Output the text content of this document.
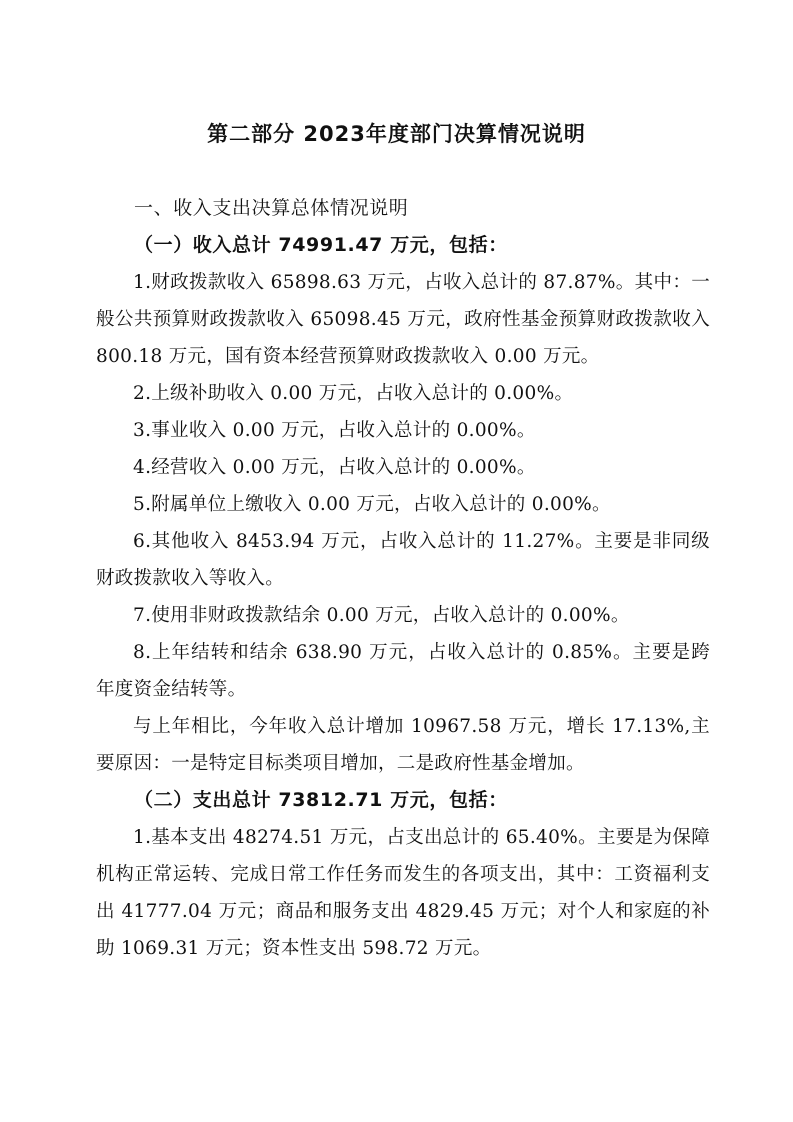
第二部分 2023年度部门决算情况说明

一、收入支出决算总体情况说明

（一）收入总计 74991.47 万元，包括：

1.财政拨款收入 65898.63 万元，占收入总计的 87.87%。其中：一般公共预算财政拨款收入 65098.45 万元，政府性基金预算财政拨款收入 800.18 万元，国有资本经营预算财政拨款收入 0.00 万元。

2.上级补助收入 0.00 万元，占收入总计的 0.00%。

3.事业收入 0.00 万元，占收入总计的 0.00%。

4.经营收入 0.00 万元，占收入总计的 0.00%。

5.附属单位上缴收入 0.00 万元，占收入总计的 0.00%。

6.其他收入 8453.94 万元，占收入总计的 11.27%。主要是非同级财政拨款收入等收入。

7.使用非财政拨款结余 0.00 万元，占收入总计的 0.00%。

8.上年结转和结余 638.90 万元，占收入总计的 0.85%。主要是跨年度资金结转等。

与上年相比，今年收入总计增加 10967.58 万元，增长 17.13%,主要原因：一是特定目标类项目增加，二是政府性基金增加。

（二）支出总计 73812.71 万元，包括：

1.基本支出 48274.51 万元，占支出总计的 65.40%。主要是为保障机构正常运转、完成日常工作任务而发生的各项支出，其中：工资福利支出 41777.04 万元；商品和服务支出 4829.45 万元；对个人和家庭的补助 1069.31 万元；资本性支出 598.72 万元。
